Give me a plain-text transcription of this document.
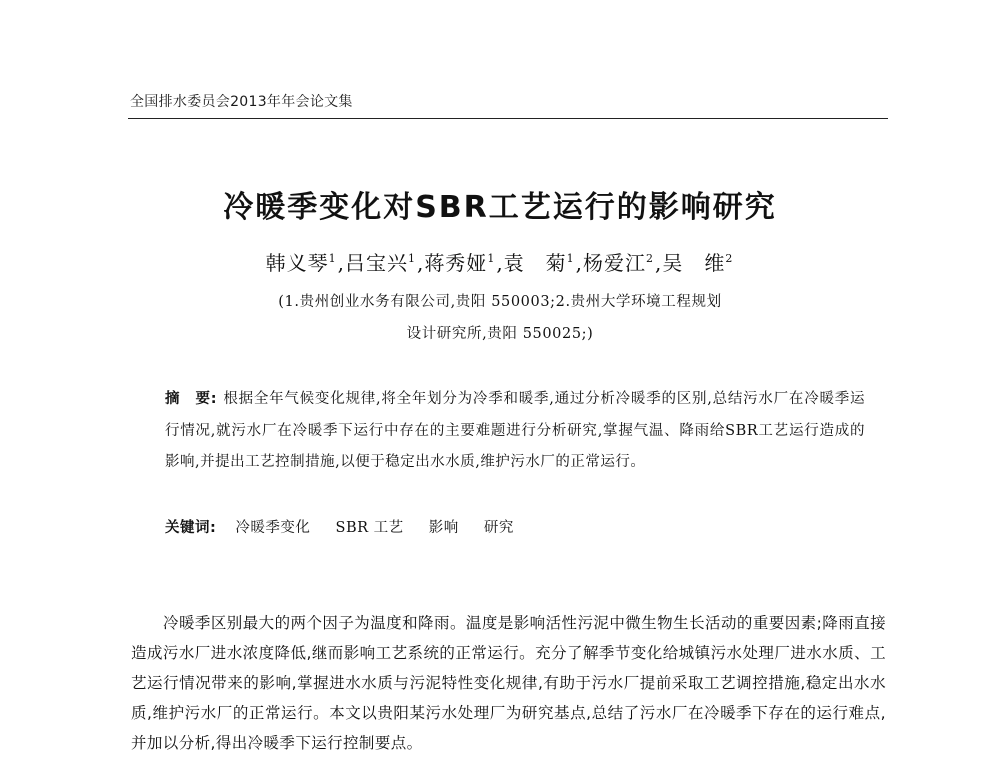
全国排水委员会2013年年会论文集
冷暖季变化对SBR工艺运行的影响研究
韩义琴$^1$,吕宝兴$^1$,蒋秀娅$^1$,袁　菊$^1$,杨爱江$^2$,吴　维$^2$
(1.贵州创业水务有限公司,贵阳 550003;2.贵州大学环境工程规划
设计研究所,贵阳 550025;)
摘　要: 根据全年气候变化规律,将全年划分为冷季和暖季,通过分析冷暖季的区别,总结污水厂在冷暖季运行情况,就污水厂在冷暖季下运行中存在的主要难题进行分析研究,掌握气温、降雨给SBR工艺运行造成的影响,并提出工艺控制措施,以便于稳定出水水质,维护污水厂的正常运行。
关键词: 冷暖季变化 SBR 工艺 影响 研究
冷暖季区别最大的两个因子为温度和降雨。温度是影响活性污泥中微生物生长活动的重要因素;降雨直接造成污水厂进水浓度降低,继而影响工艺系统的正常运行。充分了解季节变化给城镇污水处理厂进水水质、工艺运行情况带来的影响,掌握进水水质与污泥特性变化规律,有助于污水厂提前采取工艺调控措施,稳定出水水质,维护污水厂的正常运行。本文以贵阳某污水处理厂为研究基点,总结了污水厂在冷暖季下存在的运行难点,并加以分析,得出冷暖季下运行控制要点。
